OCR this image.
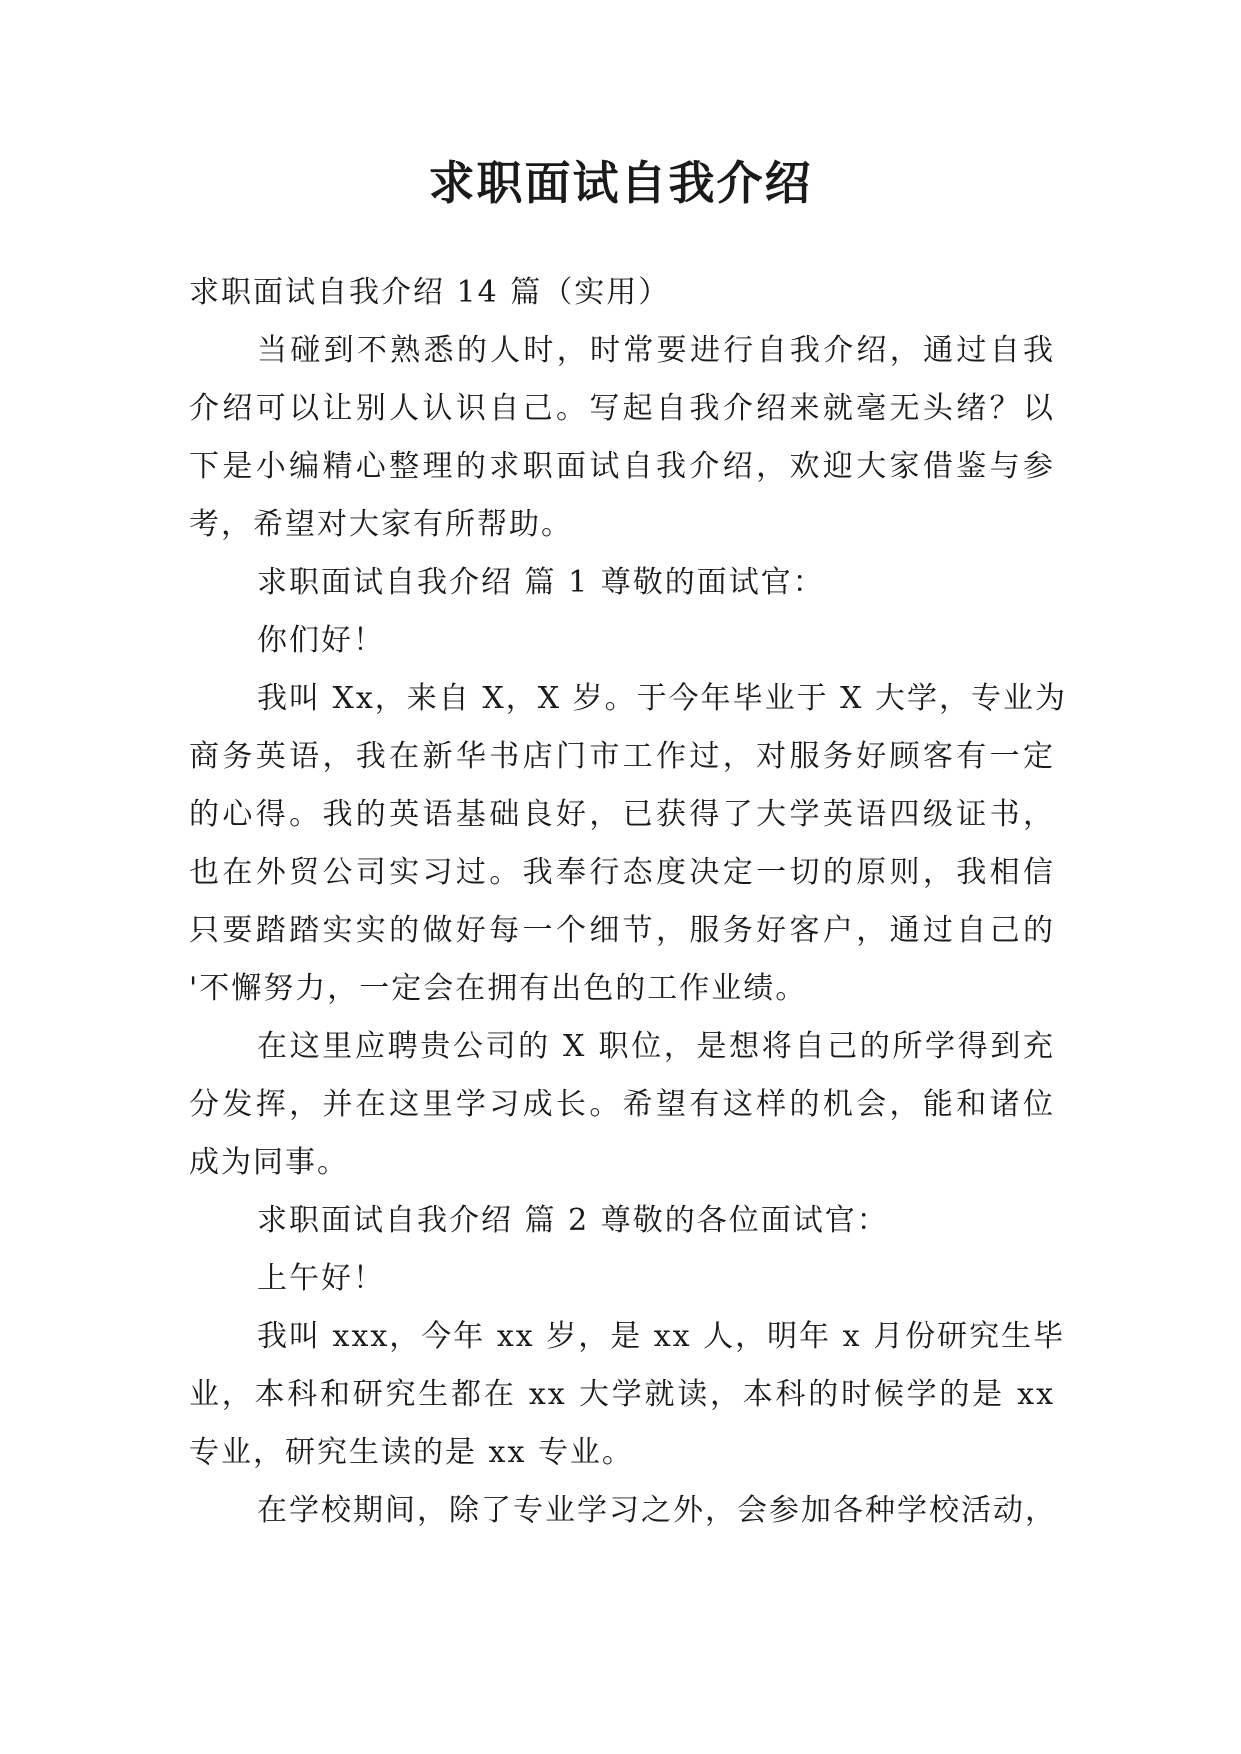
求职面试自我介绍
求职面试自我介绍 14 篇（实用）
当碰到不熟悉的人时，时常要进行自我介绍，通过自我
介绍可以让别人认识自己。写起自我介绍来就毫无头绪？以
下是小编精心整理的求职面试自我介绍，欢迎大家借鉴与参
考，希望对大家有所帮助。
求职面试自我介绍 篇 1 尊敬的面试官：
你们好！
我叫 Xx，来自 X，X 岁。于今年毕业于 X 大学，专业为
商务英语，我在新华书店门市工作过，对服务好顾客有一定
的心得。我的英语基础良好，已获得了大学英语四级证书，
也在外贸公司实习过。我奉行态度决定一切的原则，我相信
只要踏踏实实的做好每一个细节，服务好客户，通过自己的
'不懈努力，一定会在拥有出色的工作业绩。
在这里应聘贵公司的 X 职位，是想将自己的所学得到充
分发挥，并在这里学习成长。希望有这样的机会，能和诸位
成为同事。
求职面试自我介绍 篇 2 尊敬的各位面试官：
上午好！
我叫 xxx，今年 xx 岁，是 xx 人，明年 x 月份研究生毕
业，本科和研究生都在 xx 大学就读，本科的时候学的是 xx
专业，研究生读的是 xx 专业。
在学校期间，除了专业学习之外，会参加各种学校活动，
